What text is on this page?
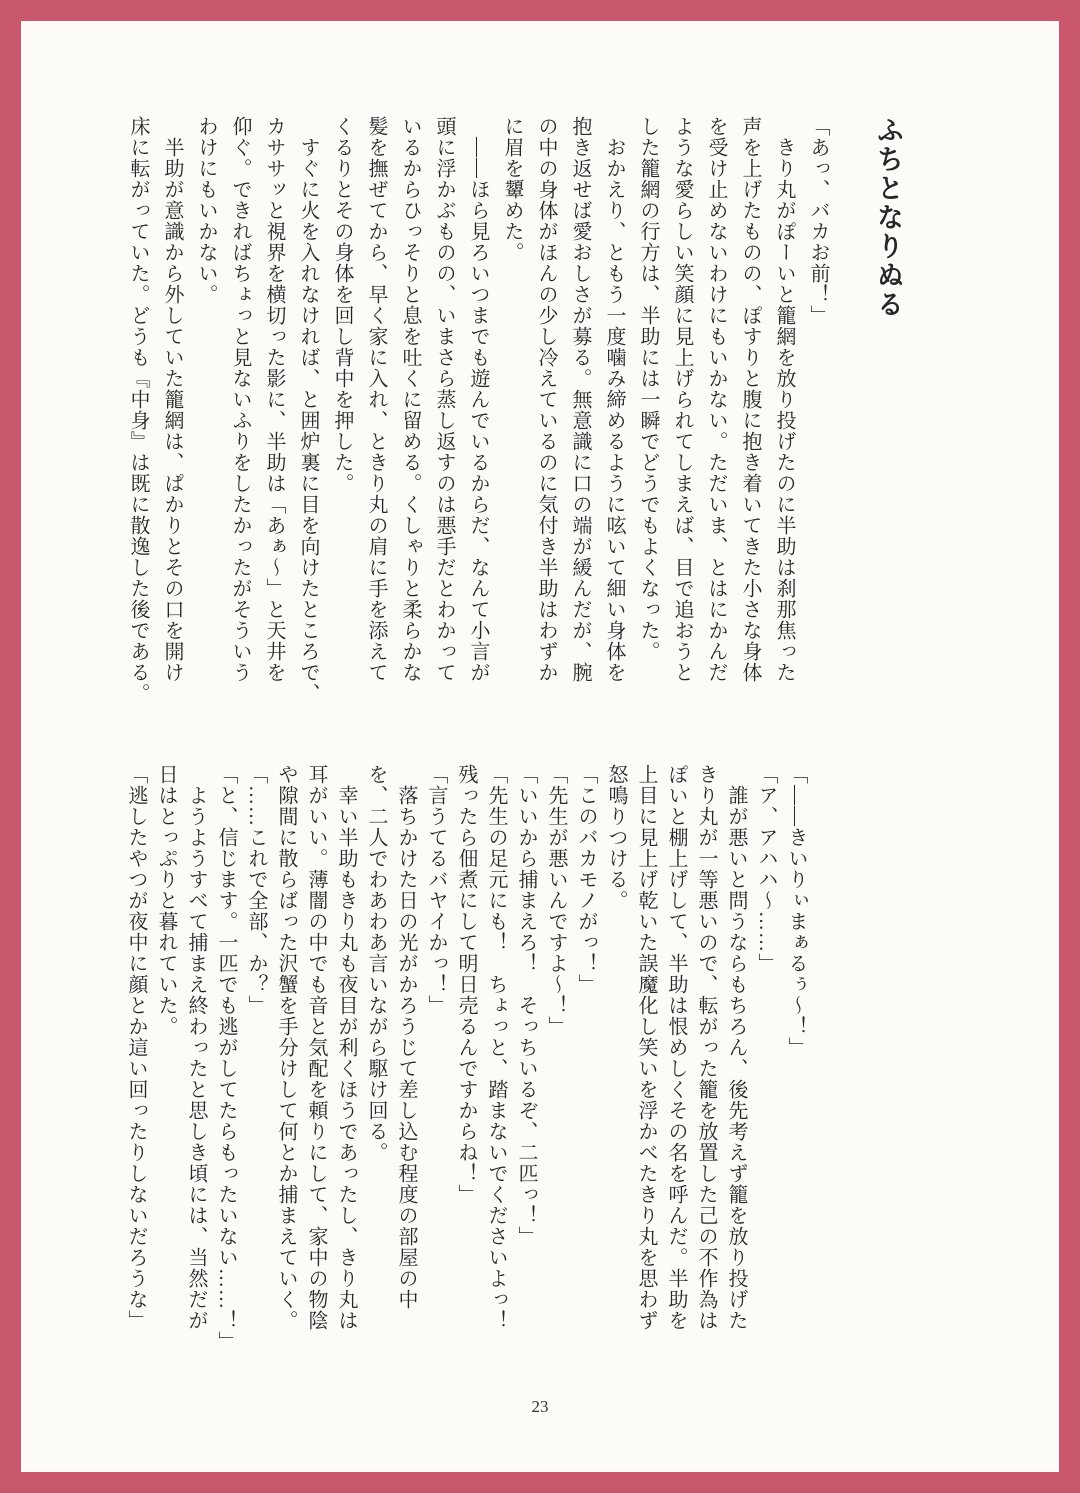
ふちとなりぬる

「あっ、バカお前！」

　きり丸がぽーいと籠網を放り投げたのに半助は刹那焦った

声を上げたものの、ぽすりと腹に抱き着いてきた小さな身体

を受け止めないわけにもいかない。ただいま、とはにかんだ

ような愛らしい笑顔に見上げられてしまえば、目で追おうと

した籠網の行方は、半助には一瞬でどうでもよくなった。

　おかえり、ともう一度噛み締めるように呟いて細い身体を

抱き返せば愛おしさが募る。無意識に口の端が緩んだが、腕

の中の身体がほんの少し冷えているのに気付き半助はわずか

に眉を顰めた。

　――ほら見ろいつまでも遊んでいるからだ、なんて小言が

頭に浮かぶものの、いまさら蒸し返すのは悪手だとわかって

いるからひっそりと息を吐くに留める。くしゃりと柔らかな

髪を撫ぜてから、早く家に入れ、ときり丸の肩に手を添えて

くるりとその身体を回し背中を押した。

　すぐに火を入れなければ、と囲炉裏に目を向けたところで、

カササッと視界を横切った影に、半助は「あぁ〜」と天井を

仰ぐ。できればちょっと見ないふりをしたかったがそういう

わけにもいかない。

　半助が意識から外していた籠網は、ぱかりとその口を開け

床に転がっていた。どうも『中身』は既に散逸した後である。

「――きいりぃまぁるぅ〜！」

「ア、アハハ〜……」

　誰が悪いと問うならもちろん、後先考えず籠を放り投げた

きり丸が一等悪いので、転がった籠を放置した己の不作為は

ぽいと棚上げして、半助は恨めしくその名を呼んだ。半助を

上目に見上げ乾いた誤魔化し笑いを浮かべたきり丸を思わず

怒鳴りつける。

「このバカモノがっ！」

「先生が悪いんですよ〜！」

「いいから捕まえろ！　そっちいるぞ、二匹っ！」

「先生の足元にも！　ちょっと、踏まないでくださいよっ！

残ったら佃煮にして明日売るんですからね！」

「言うてるバヤイかっ！」

　落ちかけた日の光がかろうじて差し込む程度の部屋の中

を、二人でわあわあ言いながら駆け回る。

　幸い半助もきり丸も夜目が利くほうであったし、きり丸は

耳がいい。薄闇の中でも音と気配を頼りにして、家中の物陰

や隙間に散らばった沢蟹を手分けして何とか捕まえていく。

「……これで全部、か？」

「と、信じます。一匹でも逃がしてたらもったいない……！」

　ようようすべて捕まえ終わったと思しき頃には、当然だが

日はとっぷりと暮れていた。

「逃したやつが夜中に顔とか這い回ったりしないだろうな」

23
